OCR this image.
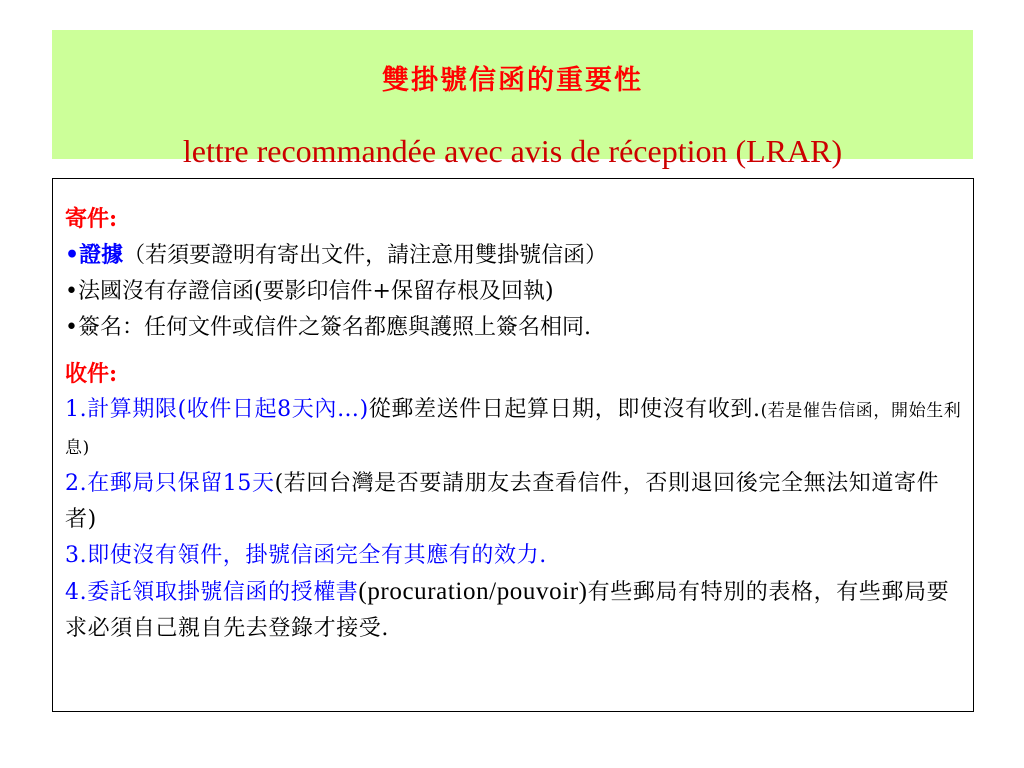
雙掛號信函的重要性
lettre recommandée avec avis de réception (LRAR)
寄件:
•證據（若須要證明有寄出文件，請注意用雙掛號信函）
•法國沒有存證信函(要影印信件+保留存根及回執)
•簽名：任何文件或信件之簽名都應與護照上簽名相同.
收件:
1.計算期限(收件日起8天內…)從郵差送件日起算日期，即使沒有收到.(若是催告信函，開始生利息)
2.在郵局只保留15天(若回台灣是否要請朋友去查看信件，否則退回後完全無法知道寄件者)
3.即使沒有領件，掛號信函完全有其應有的效力.
4.委託領取掛號信函的授權書(procuration/pouvoir)有些郵局有特別的表格，有些郵局要求必須自己親自先去登錄才接受.
